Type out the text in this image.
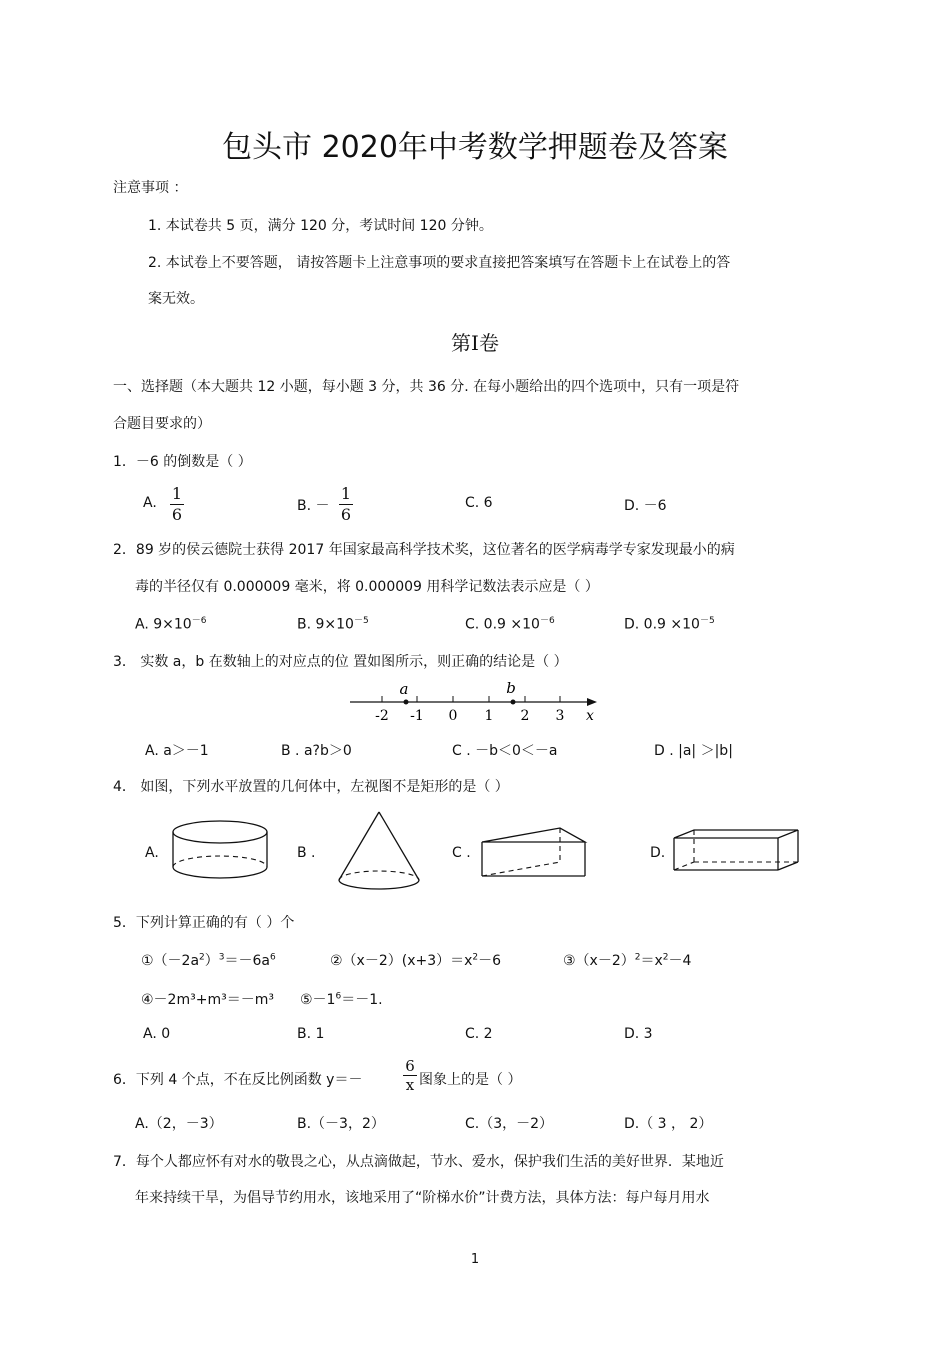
包头市 2020年中考数学押题卷及答案
注意事项 ：
1. 本试卷共 5 页，满分 120 分，考试时间 120 分钟。
2. 本试卷上不要答题， 请按答题卡上注意事项的要求直接把答案填写在答题卡上在试卷上的答
案无效。
第Ⅰ卷
一、选择题（本大题共 12 小题，每小题 3 分，共 36 分. 在每小题给出的四个选项中，只有一项是符
合题目要求的）
1．－6 的倒数是（ ）
A. 1
6	B. －
1
6
C. 6	D. －6
2．89 岁的侯云德院士获得 2017 年国家最高科学技术奖，这位著名的医学病毒学专家发现最小的病
毒的半径仅有 0.000009 毫米，将 0.000009 用科学记数法表示应是（ ）
A. $9\times 10^{-6}$	B. $9\times 10^{-5}$	C. $0.9 \times 10^{-6}$	D. $0.9 \times 10^{-5}$
3． 实数 a，b 在数轴上的对应点的位 置如图所示，则正确的结论是（ ）
-2 -1 0 1 2 3 x
a	b
A. a＞－1	B . a?b＞0	C . －b＜0＜－a	D . |a| ＞|b|
4． 如图，下列水平放置的几何体中，左视图不是矩形的是（ ）
A.	B .	C .	D.
5．下列计算正确的有（ ）个
$①(-2a^2)^3=-6a^6$	$②(x-2)(x+3)=x^2-6$	$③(x-2)^2=x^2-4$
④－2m³+m³＝－m³ $⑤-1^6=-1$.
A. 0	B. 1	C. 2	D. 3
6．下列 4 个点，不在反比例函数 y＝－
6
x 图象上的是（ ）
A.（2，－3）	B.（－3，2）	C.（3，－2）	D.（ 3 ， 2）
7．每个人都应怀有对水的敬畏之心，从点滴做起，节水、爱水，保护我们生活的美好世界．某地近
年来持续干旱，为倡导节约用水，该地采用了“阶梯水价”计费方法，具体方法：每户每月用水
1
